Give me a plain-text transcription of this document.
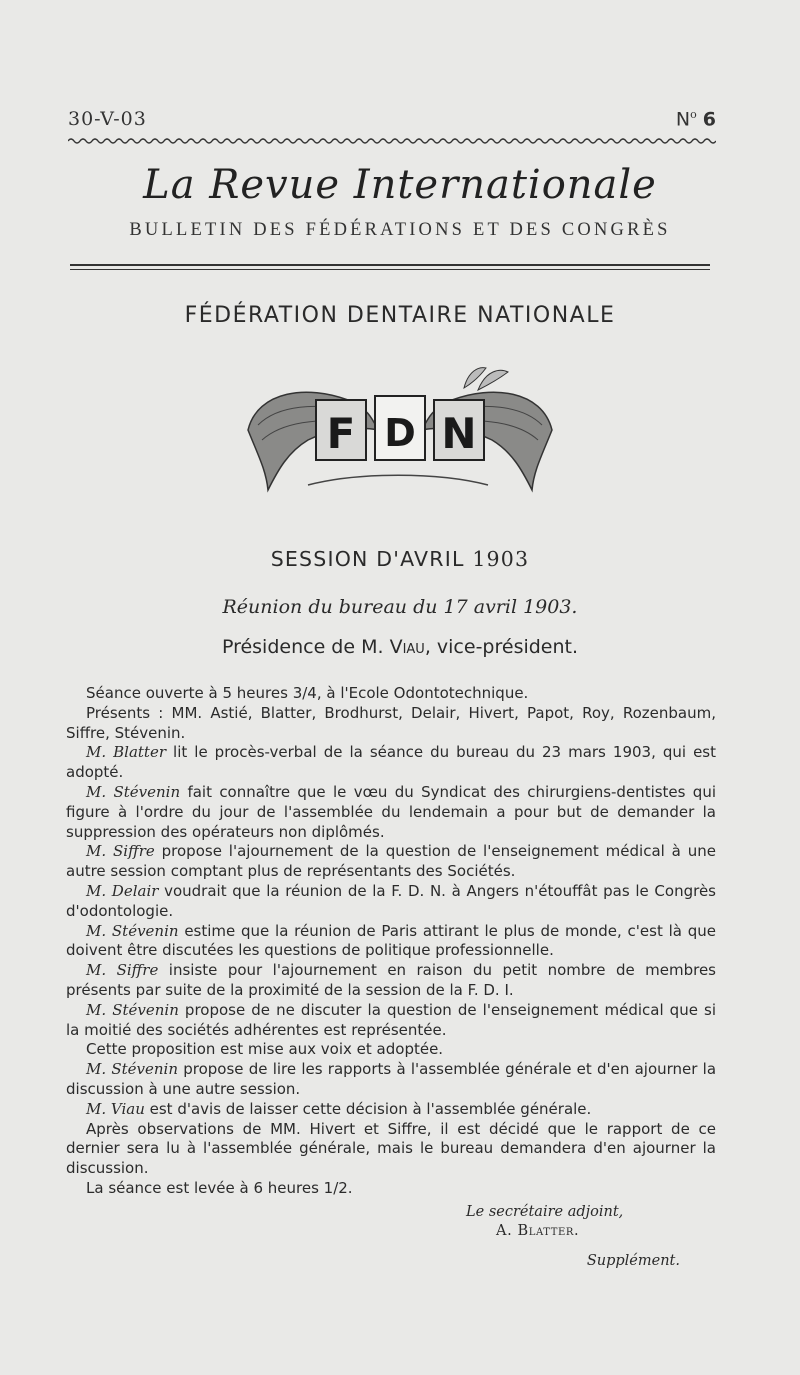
30-V-03	$N^o$ 6
La Revue Internationale
BULLETIN DES FÉDÉRATIONS ET DES CONGRÈS
FÉDÉRATION DENTAIRE NATIONALE
F D N
SESSION D'AVRIL 1903
Réunion du bureau du 17 avril 1903.
Présidence de M. Viau, vice-président.

Séance ouverte à 5 heures 3/4, à l'Ecole Odontotechnique.

Présents : MM. Astié, Blatter, Brodhurst, Delair, Hivert, Papot, Roy, Rozenbaum, Siffre, Stévenin.

M. Blatter lit le procès-verbal de la séance du bureau du 23 mars 1903, qui est adopté.

M. Stévenin fait connaître que le vœu du Syndicat des chirurgiens-dentistes qui figure à l'ordre du jour de l'assemblée du lendemain a pour but de demander la suppression des opérateurs non diplômés.

M. Siffre propose l'ajournement de la question de l'enseignement médical à une autre session comptant plus de représentants des Sociétés.

M. Delair voudrait que la réunion de la F. D. N. à Angers n'étouffât pas le Congrès d'odontologie.

M. Stévenin estime que la réunion de Paris attirant le plus de monde, c'est là que doivent être discutées les questions de politique professionnelle.

M. Siffre insiste pour l'ajournement en raison du petit nombre de membres présents par suite de la proximité de la session de la F. D. I.

M. Stévenin propose de ne discuter la question de l'enseignement médical que si la moitié des sociétés adhérentes est représentée.

Cette proposition est mise aux voix et adoptée.

M. Stévenin propose de lire les rapports à l'assemblée générale et d'en ajourner la discussion à une autre session.

M. Viau est d'avis de laisser cette décision à l'assemblée générale.

Après observations de MM. Hivert et Siffre, il est décidé que le rapport de ce dernier sera lu à l'assemblée générale, mais le bureau demandera d'en ajourner la discussion.

La séance est levée à 6 heures 1/2.

Le secrétaire adjoint,
A. Blatter.
Supplément.
